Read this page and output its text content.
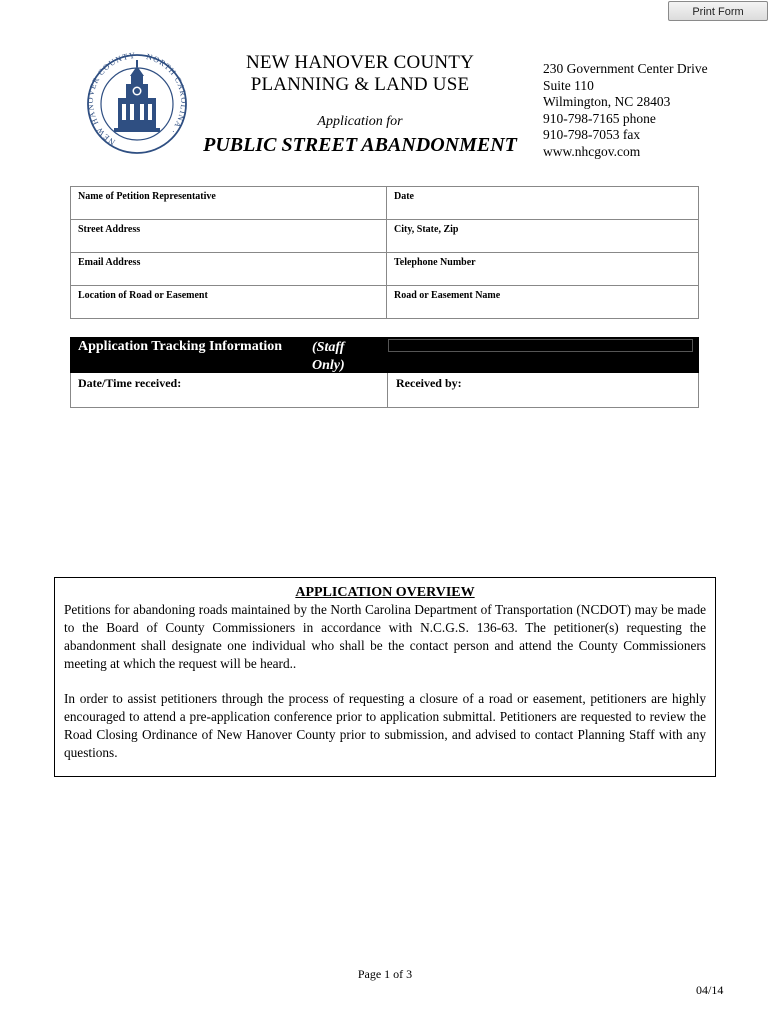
Print Form
NEW HANOVER COUNTY · NORTH CAROLINA ·
NEW HANOVER COUNTY
PLANNING & LAND USE
Application for
PUBLIC STREET ABANDONMENT
230 Government Center Drive
Suite 110
Wilmington, NC 28403
910-798-7165 phone
910-798-7053 fax
www.nhcgov.com
Name of Petition Representative	Date
Street Address	City, State, Zip
Email Address	Telephone Number
Location of Road or Easement	Road or Easement Name
Application Tracking Information (Staff
Only)
Date/Time received:	Received by:
APPLICATION OVERVIEW

Petitions for abandoning roads maintained by the North Carolina Department of Transportation (NCDOT) may be made to the Board of County Commissioners in accordance with N.C.G.S. 136-63. The petitioner(s) requesting the abandonment shall designate one individual who shall be the contact person and attend the County Commissioners meeting at which the request will be heard..

In order to assist petitioners through the process of requesting a closure of a road or easement, petitioners are highly encouraged to attend a pre-application conference prior to application submittal. Petitioners are requested to review the Road Closing Ordinance of New Hanover County prior to submission, and advised to contact Planning Staff with any questions.

Page 1 of 3
04/14
